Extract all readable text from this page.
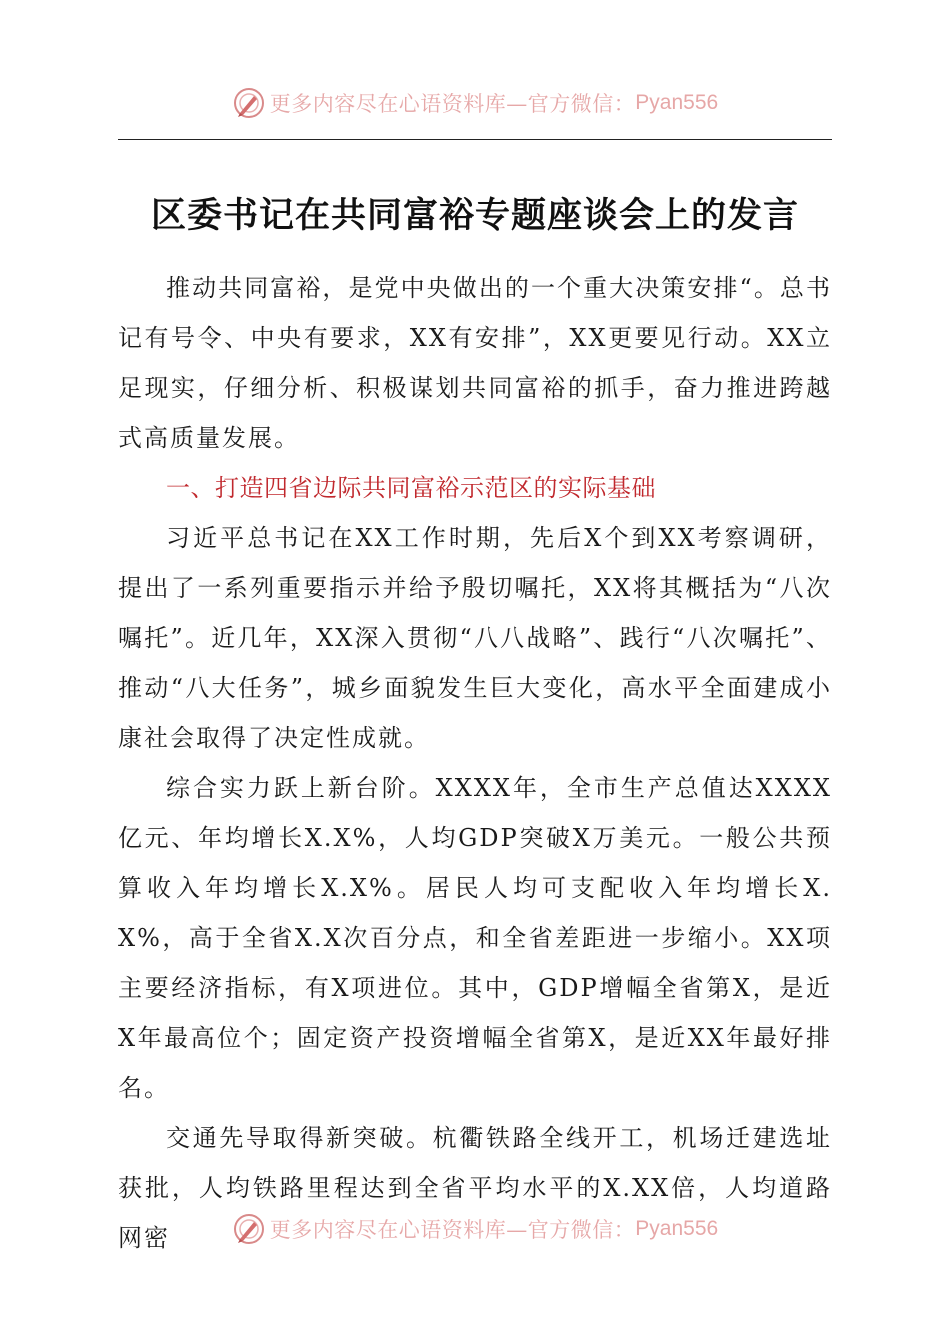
更多内容尽在心语资料库—官方微信： Pyan556
区委书记在共同富裕专题座谈会上的发言

推动共同富裕，是党中央做出的一个重大决策安排“。总书记有号令、中央有要求，XX有安排”，XX更要见行动。XX立足现实，仔细分析、积极谋划共同富裕的抓手，奋力推进跨越式高质量发展。

一、打造四省边际共同富裕示范区的实际基础

习近平总书记在XX工作时期，先后X个到XX考察调研，提出了一系列重要指示并给予殷切嘱托，XX将其概括为“八次嘱托”。近几年，XX深入贯彻“八八战略”、践行“八次嘱托”、推动“八大任务”，城乡面貌发生巨大变化，高水平全面建成小康社会取得了决定性成就。

综合实力跃上新台阶。XXXX年，全市生产总值达XXXX亿元、年均增长X.X%，人均GDP突破X万美元。一般公共预算收入年均增长X.X%。居民人均可支配收入年均增长X.X%，高于全省X.X次百分点，和全省差距进一步缩小。XX项主要经济指标，有X项进位。其中，GDP增幅全省第X，是近X年最高位个；固定资产投资增幅全省第X，是近XX年最好排名。

交通先导取得新突破。杭衢铁路全线开工，机场迁建选址获批，人均铁路里程达到全省平均水平的X.XX倍，人均道路网密	更多内容尽在心语资料库—官方微信： Pyan556
